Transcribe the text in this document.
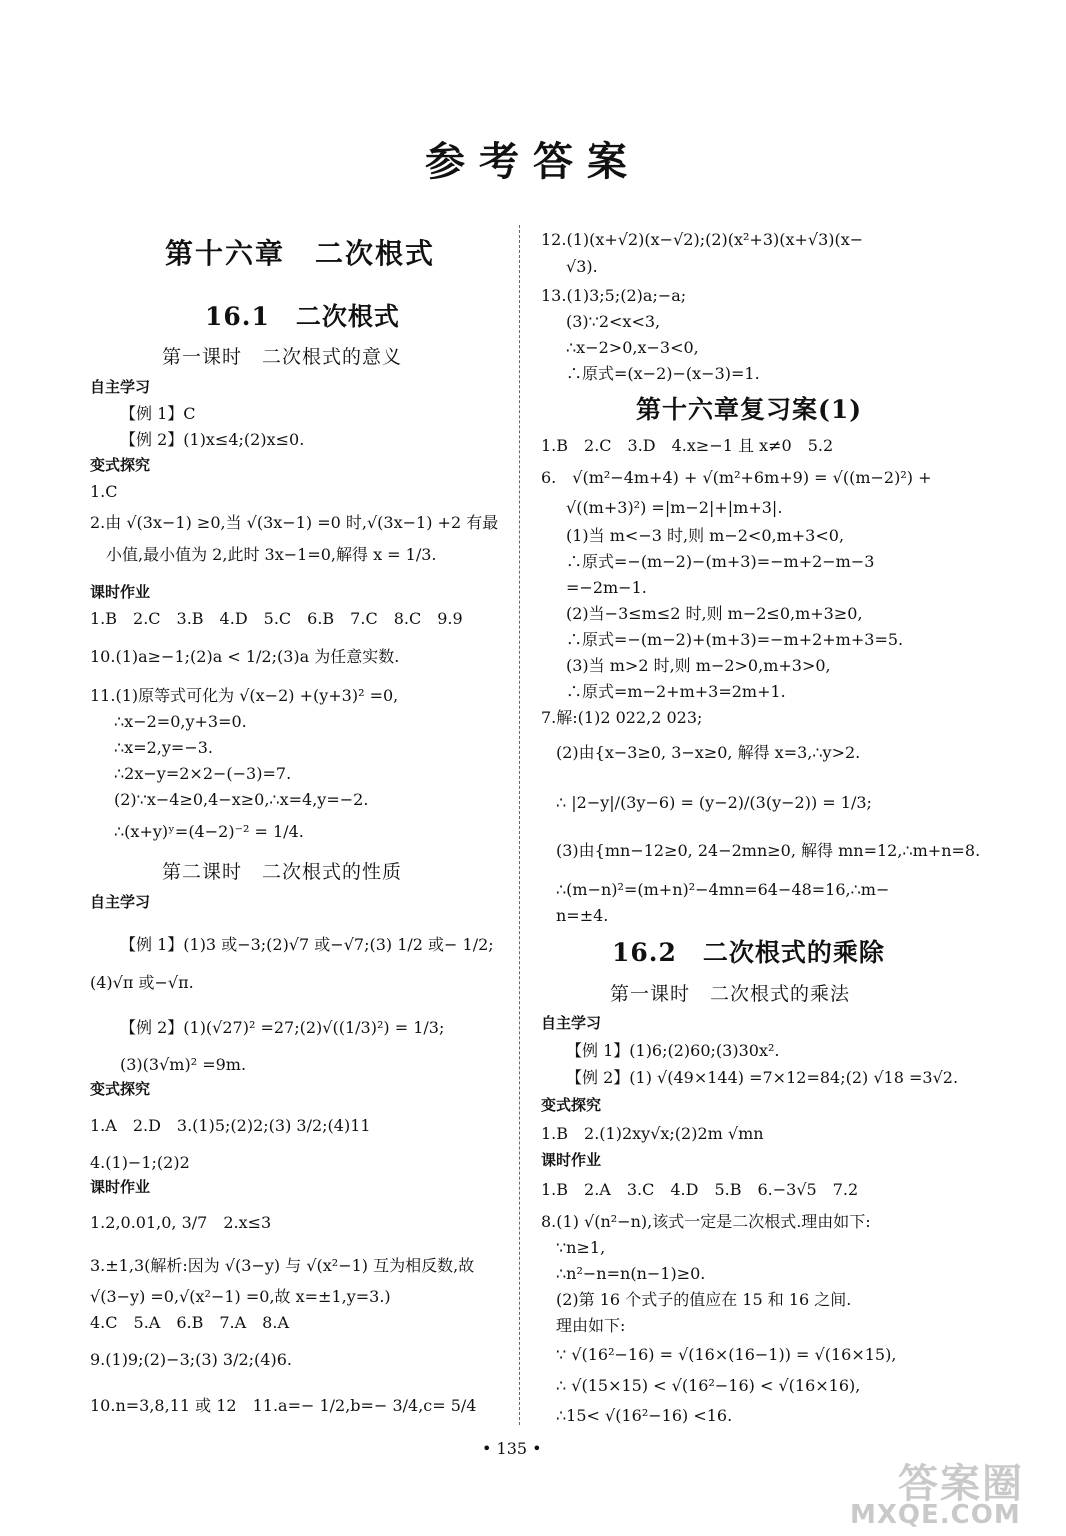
参考答案
第十六章　二次根式
16.1　二次根式
第一课时　二次根式的意义
自主学习
【例 1】C
【例 2】(1)x≤4;(2)x≤0.
变式探究
1.C
2.由 √(3x−1) ≥0,当 √(3x−1) =0 时,√(3x−1) +2 有最
小值,最小值为 2,此时 3x−1=0,解得 x = 1/3.
课时作业
1.B　2.C　3.B　4.D　5.C　6.B　7.C　8.C　9.9
10.(1)a≥−1;(2)a < 1/2;(3)a 为任意实数.
11.(1)原等式可化为 √(x−2) +(y+3)² =0,
∴x−2=0,y+3=0.
∴x=2,y=−3.
∴2x−y=2×2−(−3)=7.
(2)∵x−4≥0,4−x≥0,∴x=4,y=−2.
∴(x+y)ʸ=(4−2)⁻² = 1/4.
第二课时　二次根式的性质
自主学习
【例 1】(1)3 或−3;(2)√7 或−√7;(3) 1/2 或− 1/2;
(4)√π 或−√π.
【例 2】(1)(√27)² =27;(2)√((1/3)²) = 1/3;
(3)(3√m)² =9m.
变式探究
1.A　2.D　3.(1)5;(2)2;(3) 3/2;(4)11
4.(1)−1;(2)2
课时作业
1.2,0.01,0, 3/7　2.x≤3
3.±1,3(解析:因为 √(3−y) 与 √(x²−1) 互为相反数,故
√(3−y) =0,√(x²−1) =0,故 x=±1,y=3.)
4.C　5.A　6.B　7.A　8.A
9.(1)9;(2)−3;(3) 3/2;(4)6.
10.n=3,8,11 或 12　11.a=− 1/2,b=− 3/4,c= 5/4
12.(1)(x+√2)(x−√2);(2)(x²+3)(x+√3)(x−
√3).
13.(1)3;5;(2)a;−a;
(3)∵2<x<3,
∴x−2>0,x−3<0,
∴原式=(x−2)−(x−3)=1.
第十六章复习案(1)
1.B　2.C　3.D　4.x≥−1 且 x≠0　5.2
6.　√(m²−4m+4) + √(m²+6m+9) = √((m−2)²) +
√((m+3)²) =|m−2|+|m+3|.
(1)当 m<−3 时,则 m−2<0,m+3<0,
∴原式=−(m−2)−(m+3)=−m+2−m−3
=−2m−1.
(2)当−3≤m≤2 时,则 m−2≤0,m+3≥0,
∴原式=−(m−2)+(m+3)=−m+2+m+3=5.
(3)当 m>2 时,则 m−2>0,m+3>0,
∴原式=m−2+m+3=2m+1.
7.解:(1)2 022,2 023;
(2)由{x−3≥0, 3−x≥0, 解得 x=3,∴y>2.
∴ |2−y|/(3y−6) = (y−2)/(3(y−2)) = 1/3;
(3)由{mn−12≥0, 24−2mn≥0, 解得 mn=12,∴m+n=8.
∴(m−n)²=(m+n)²−4mn=64−48=16,∴m−
n=±4.
16.2　二次根式的乘除
第一课时　二次根式的乘法
自主学习
【例 1】(1)6;(2)60;(3)30x².
【例 2】(1) √(49×144) =7×12=84;(2) √18 =3√2.
变式探究
1.B　2.(1)2xy√x;(2)2m √mn
课时作业
1.B　2.A　3.C　4.D　5.B　6.−3√5　7.2
8.(1) √(n²−n),该式一定是二次根式.理由如下:
∵n≥1,
∴n²−n=n(n−1)≥0.
(2)第 16 个式子的值应在 15 和 16 之间.
理由如下:
∵ √(16²−16) = √(16×(16−1)) = √(16×15),
∴ √(15×15) < √(16²−16) < √(16×16),
∴15< √(16²−16) <16.
• 135 •
答案圈
MXQE.COM
